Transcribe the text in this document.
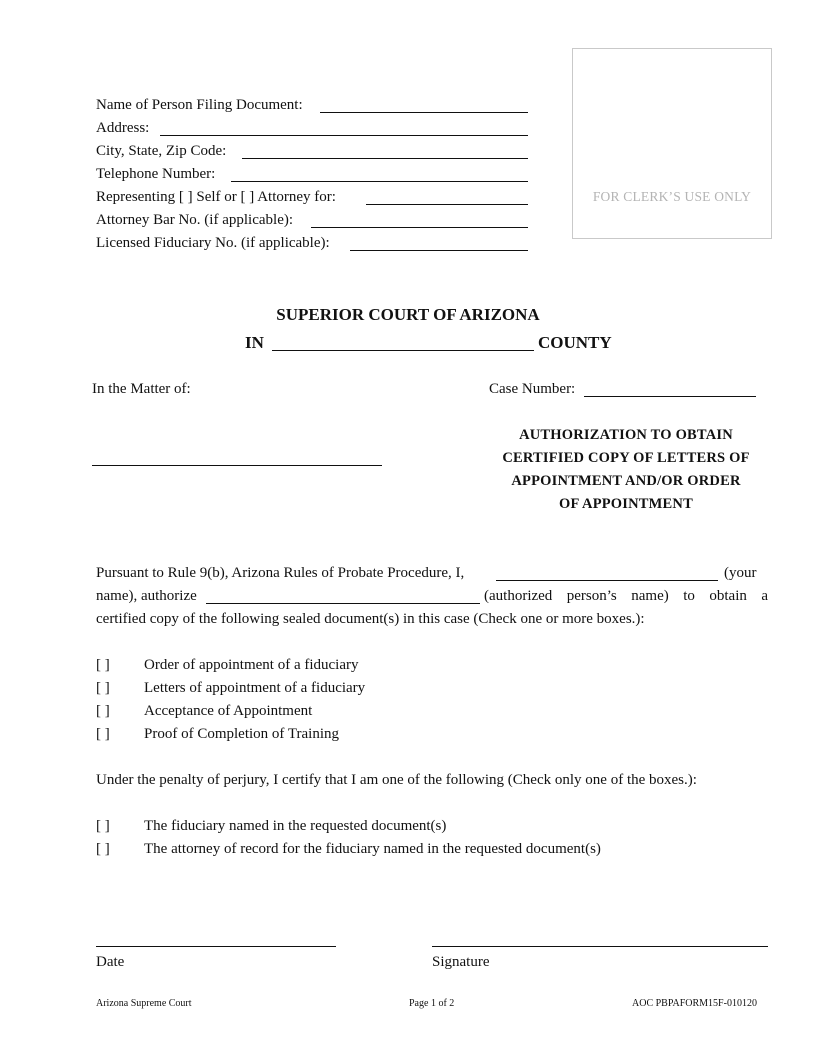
Name of Person Filing Document:
Address:
City, State, Zip Code:
Telephone Number:
Representing [ ] Self or [ ] Attorney for:
Attorney Bar No. (if applicable):
Licensed Fiduciary No. (if applicable):
FOR CLERK’S USE ONLY
SUPERIOR COURT OF ARIZONA
IN	COUNTY
In the Matter of:	Case Number:
AUTHORIZATION TO OBTAIN
CERTIFIED COPY OF LETTERS OF
APPOINTMENT AND/OR ORDER
OF APPOINTMENT
Pursuant to Rule 9(b), Arizona Rules of Probate Procedure, I,	(your
name), authorize	(authorized person’s name) to obtain a
certified copy of the following sealed document(s) in this case (Check one or more boxes.):
[ ] Order of appointment of a fiduciary
[ ] Letters of appointment of a fiduciary
[ ] Acceptance of Appointment
[ ] Proof of Completion of Training
Under the penalty of perjury, I certify that I am one of the following (Check only one of the boxes.):
[ ] The fiduciary named in the requested document(s)
[ ] The attorney of record for the fiduciary named in the requested document(s)
Date	Signature
Arizona Supreme Court	Page 1 of 2	AOC PBPAFORM15F-010120
